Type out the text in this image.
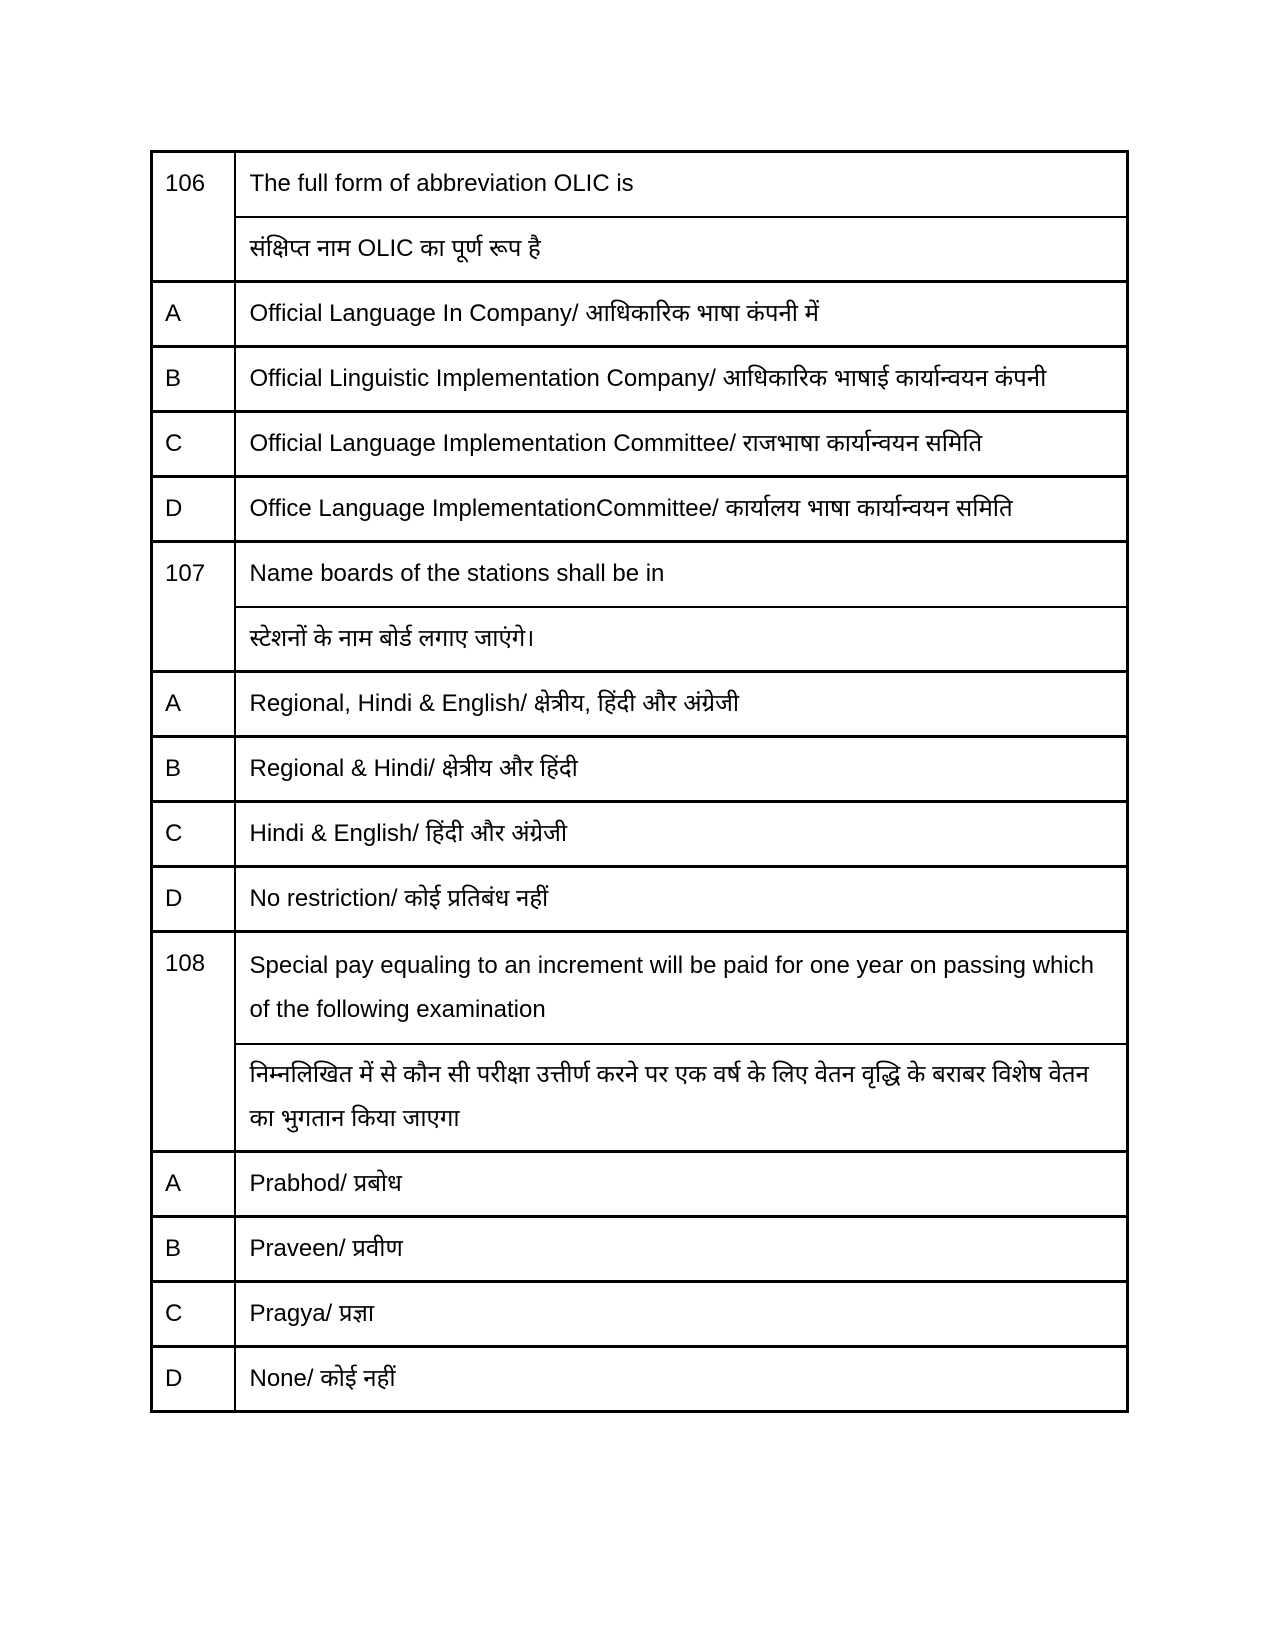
106	The full form of abbreviation OLIC is
	संक्षिप्त नाम OLIC का पूर्ण रूप है
A	Official Language In Company/ आधिकारिक भाषा कंपनी में
B	Official Linguistic Implementation Company/ आधिकारिक भाषाई कार्यान्वयन कंपनी
C	Official Language Implementation Committee/ राजभाषा कार्यान्वयन समिति
D	Office Language ImplementationCommittee/ कार्यालय भाषा कार्यान्वयन समिति
107	Name boards of the stations shall be in
	स्टेशनों के नाम बोर्ड लगाए जाएंगे।
A	Regional, Hindi & English/ क्षेत्रीय, हिंदी और अंग्रेजी
B	Regional & Hindi/ क्षेत्रीय और हिंदी
C	Hindi & English/ हिंदी और अंग्रेजी
D	No restriction/ कोई प्रतिबंध नहीं
108	Special pay equaling to an increment will be paid for one year on passing which of the following examination
	निम्नलिखित में से कौन सी परीक्षा उत्तीर्ण करने पर एक वर्ष के लिए वेतन वृद्धि के बराबर विशेष वेतन का भुगतान किया जाएगा
A	Prabhod/ प्रबोध
B	Praveen/ प्रवीण
C	Pragya/ प्रज्ञा
D	None/ कोई नहीं
